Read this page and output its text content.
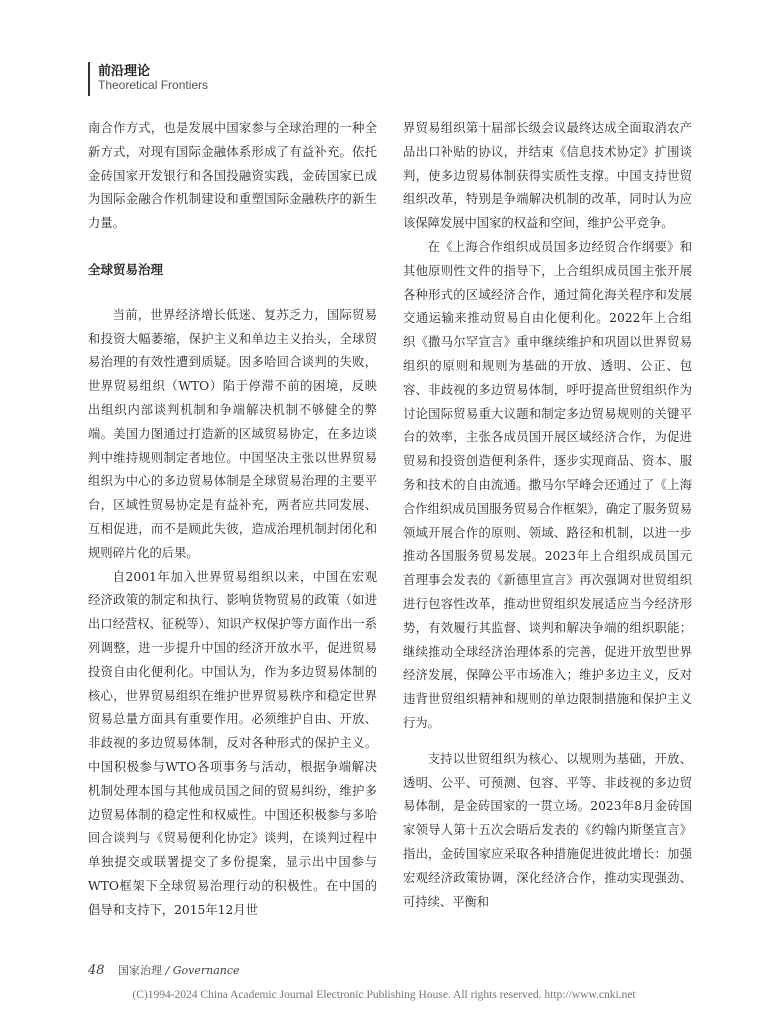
前沿理论
Theoretical Frontiers

南合作方式，也是发展中国家参与全球治理的一种全新方式，对现有国际金融体系形成了有益补充。依托金砖国家开发银行和各国投融资实践，金砖国家已成为国际金融合作机制建设和重塑国际金融秩序的新生力量。

全球贸易治理

当前，世界经济增长低迷、复苏乏力，国际贸易和投资大幅萎缩，保护主义和单边主义抬头，全球贸易治理的有效性遭到质疑。因多哈回合谈判的失败，世界贸易组织（WTO）陷于停滞不前的困境，反映出组织内部谈判机制和争端解决机制不够健全的弊端。美国力图通过打造新的区域贸易协定，在多边谈判中维持规则制定者地位。中国坚决主张以世界贸易组织为中心的多边贸易体制是全球贸易治理的主要平台，区域性贸易协定是有益补充，两者应共同发展、互相促进，而不是顾此失彼，造成治理机制封闭化和规则碎片化的后果。

自2001年加入世界贸易组织以来，中国在宏观经济政策的制定和执行、影响货物贸易的政策（如进出口经营权、征税等）、知识产权保护等方面作出一系列调整，进一步提升中国的经济开放水平，促进贸易投资自由化便利化。中国认为，作为多边贸易体制的核心，世界贸易组织在维护世界贸易秩序和稳定世界贸易总量方面具有重要作用。必须维护自由、开放、非歧视的多边贸易体制，反对各种形式的保护主义。中国积极参与WTO各项事务与活动，根据争端解决机制处理本国与其他成员国之间的贸易纠纷，维护多边贸易体制的稳定性和权威性。中国还积极参与多哈回合谈判与《贸易便利化协定》谈判，在谈判过程中单独提交或联署提交了多份提案，显示出中国参与WTO框架下全球贸易治理行动的积极性。在中国的倡导和支持下，2015年12月世

界贸易组织第十届部长级会议最终达成全面取消农产品出口补贴的协议，并结束《信息技术协定》扩围谈判，使多边贸易体制获得实质性支撑。中国支持世贸组织改革，特别是争端解决机制的改革，同时认为应该保障发展中国家的权益和空间，维护公平竞争。

在《上海合作组织成员国多边经贸合作纲要》和其他原则性文件的指导下，上合组织成员国主张开展各种形式的区域经济合作，通过简化海关程序和发展交通运输来推动贸易自由化便利化。2022年上合组织《撒马尔罕宣言》重申继续维护和巩固以世界贸易组织的原则和规则为基础的开放、透明、公正、包容、非歧视的多边贸易体制，呼吁提高世贸组织作为讨论国际贸易重大议题和制定多边贸易规则的关键平台的效率，主张各成员国开展区域经济合作，为促进贸易和投资创造便利条件，逐步实现商品、资本、服务和技术的自由流通。撒马尔罕峰会还通过了《上海合作组织成员国服务贸易合作框架》，确定了服务贸易领域开展合作的原则、领域、路径和机制，以进一步推动各国服务贸易发展。2023年上合组织成员国元首理事会发表的《新德里宣言》再次强调对世贸组织进行包容性改革，推动世贸组织发展适应当今经济形势，有效履行其监督、谈判和解决争端的组织职能；继续推动全球经济治理体系的完善，促进开放型世界经济发展，保障公平市场准入；维护多边主义，反对违背世贸组织精神和规则的单边限制措施和保护主义行为。

支持以世贸组织为核心、以规则为基础，开放、透明、公平、可预测、包容、平等、非歧视的多边贸易体制，是金砖国家的一贯立场。2023年8月金砖国家领导人第十五次会晤后发表的《约翰内斯堡宣言》指出，金砖国家应采取各种措施促进彼此增长：加强宏观经济政策协调，深化经济合作，推动实现强劲、可持续、平衡和

48 国家治理 / Governance
(C)1994-2024 China Academic Journal Electronic Publishing House. All rights reserved. http://www.cnki.net
